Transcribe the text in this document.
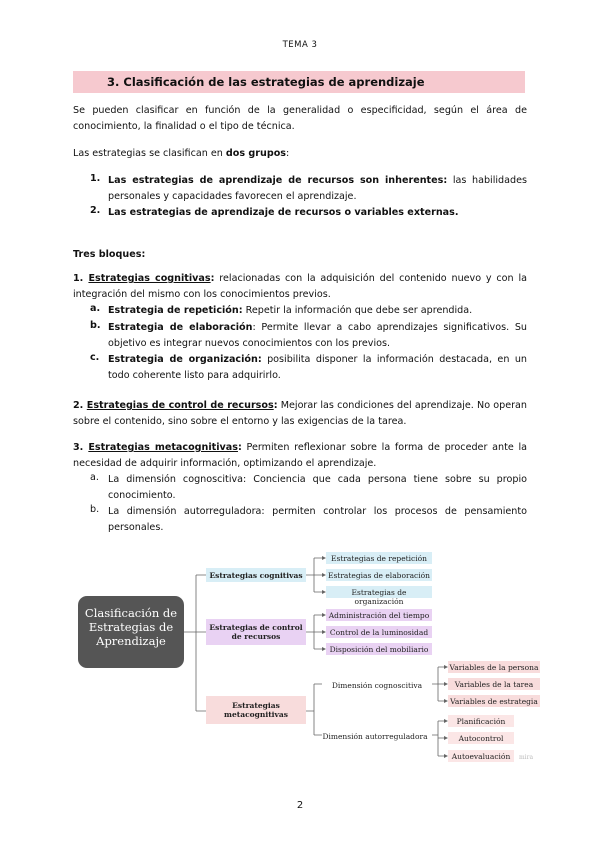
TEMA 3
3. Clasificación de las estrategias de aprendizaje

Se pueden clasificar en función de la generalidad o especificidad, según el área de conocimiento, la finalidad o el tipo de técnica.

Las estrategias se clasifican en dos grupos:

1. Las estrategias de aprendizaje de recursos son inherentes: las habilidades personales y capacidades favorecen el aprendizaje.

2. Las estrategias de aprendizaje de recursos o variables externas.

Tres bloques:

1. Estrategias cognitivas: relacionadas con la adquisición del contenido nuevo y con la integración del mismo con los conocimientos previos.

a. Estrategia de repetición: Repetir la información que debe ser aprendida.

b. Estrategia de elaboración: Permite llevar a cabo aprendizajes significativos. Su objetivo es integrar nuevos conocimientos con los previos.

c. Estrategia de organización: posibilita disponer la información destacada, en un todo coherente listo para adquirirlo.

2. Estrategias de control de recursos: Mejorar las condiciones del aprendizaje. No operan sobre el contenido, sino sobre el entorno y las exigencias de la tarea.

3. Estrategias metacognitivas: Permiten reflexionar sobre la forma de proceder ante la necesidad de adquirir información, optimizando el aprendizaje.

a. La dimensión cognoscitiva: Conciencia que cada persona tiene sobre su propio conocimiento.

b. La dimensión autorreguladora: permiten controlar los procesos de pensamiento personales.

Clasificación de Estrategias de Aprendizaje
Estrategias cognitivas
Estrategias de repetición
Estrategias de elaboración
Estrategias de organización
Estrategias de control de recursos
Administración del tiempo
Control de la luminosidad
Disposición del mobiliario
Estrategias metacognitivas
Dimensión cognoscitiva
Variables de la persona
Variables de la tarea
Variables de estrategia
Dimensión autorreguladora
Planificación
Autocontrol
Autoevaluación	mira
2
